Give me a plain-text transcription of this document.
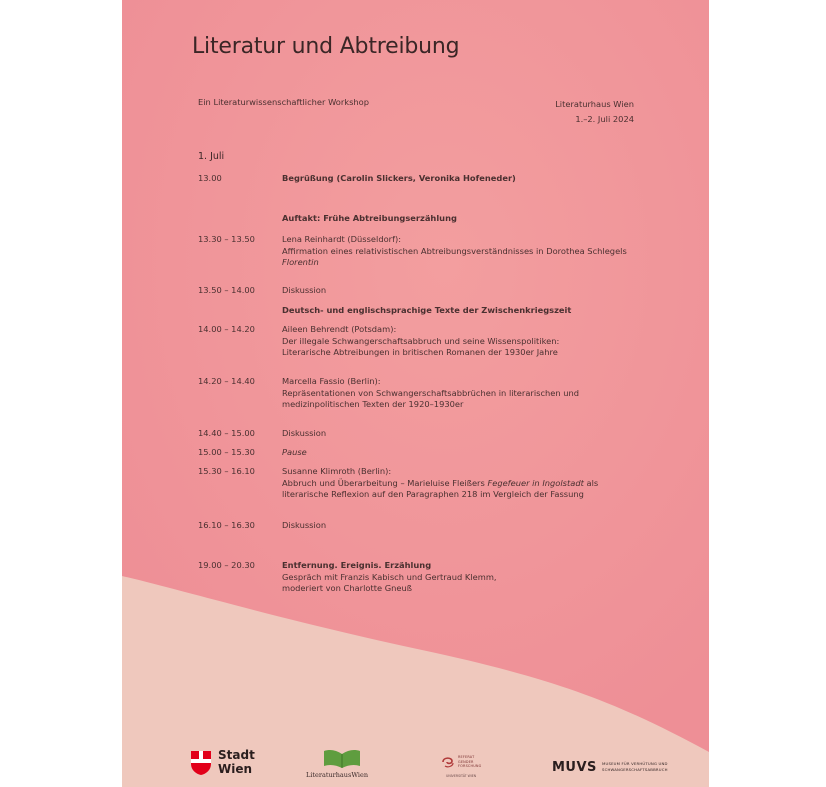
Literatur und Abtreibung
Ein Literaturwissenschaftlicher Workshop	Literaturhaus Wien
1.–2. Juli 2024
1. Juli
13.00	Begrüßung (Carolin Slickers, Veronika Hofeneder)
Auftakt: Frühe Abtreibungserzählung
13.30 – 13.50	Lena Reinhardt (Düsseldorf):
Affirmation eines relativistischen Abtreibungsverständnisses in Dorothea Schlegels
Florentin
13.50 – 14.00	Diskussion
Deutsch- und englischsprachige Texte der Zwischenkriegszeit
14.00 – 14.20	Aileen Behrendt (Potsdam):
Der illegale Schwangerschaftsabbruch und seine Wissenspolitiken:
Literarische Abtreibungen in britischen Romanen der 1930er Jahre
14.20 – 14.40	Marcella Fassio (Berlin):
Repräsentationen von Schwangerschaftsabbrüchen in literarischen und
medizinpolitischen Texten der 1920–1930er
14.40 – 15.00	Diskussion
15.00 – 15.30	Pause
15.30 – 16.10	Susanne Klimroth (Berlin):
Abbruch und Überarbeitung – Marieluise Fleißers Fegefeuer in Ingolstadt als
literarische Reflexion auf den Paragraphen 218 im Vergleich der Fassung
16.10 – 16.30	Diskussion
19.00 – 20.30	Entfernung. Ereignis. Erzählung
Gespräch mit Franzis Kabisch und Gertraud Klemm,
moderiert von Charlotte Gneuß
Stadt
Wien	LiteraturhausWien
REFERAT
GENDER
FORSCHUNG
UNIVERSITÄT WIEN
MUVS MUSEUM FÜR VERHÜTUNG UND
SCHWANGERSCHAFTSABBRUCH
